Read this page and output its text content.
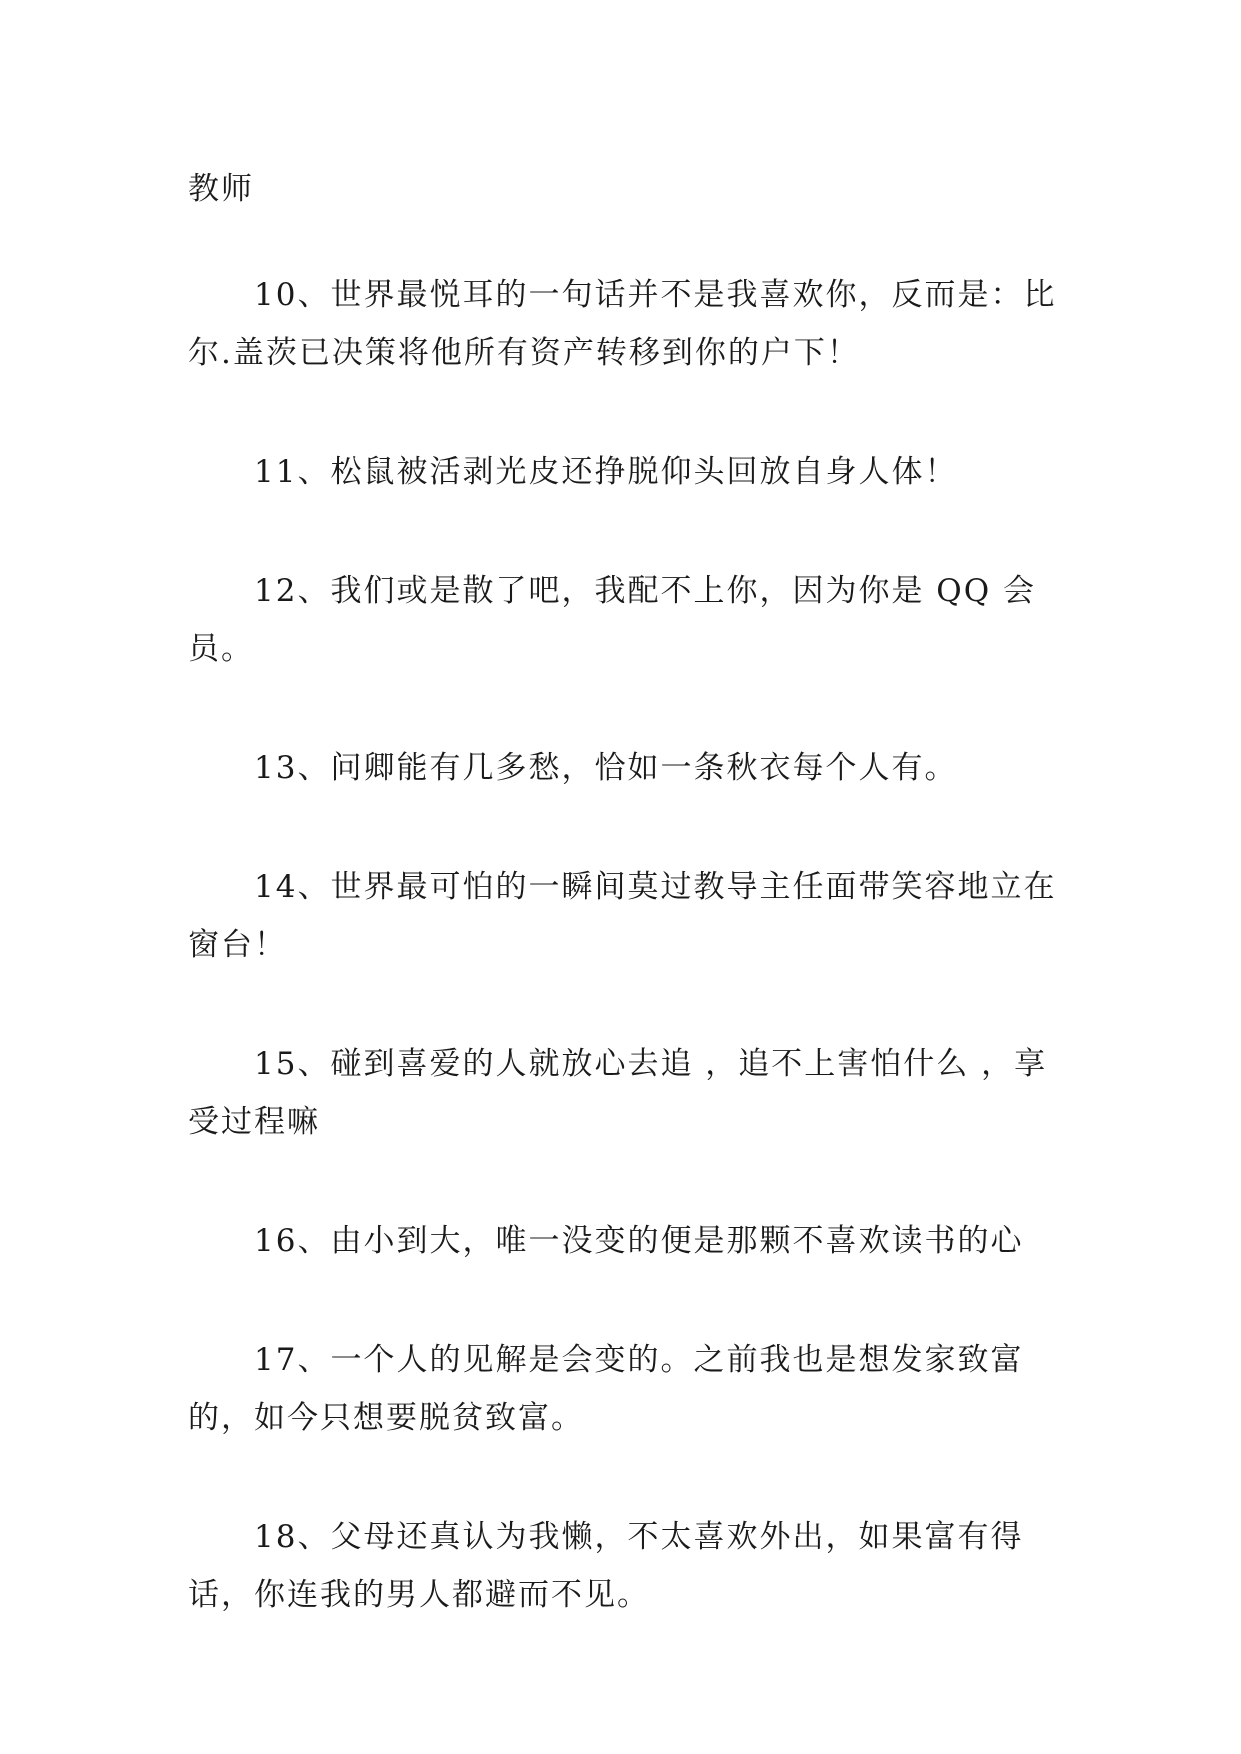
教师

10、世界最悦耳的一句话并不是我喜欢你，反而是：比尔.盖茨已决策将他所有资产转移到你的户下！

11、松鼠被活剥光皮还挣脱仰头回放自身人体！

12、我们或是散了吧，我配不上你，因为你是 QQ 会员。

13、问卿能有几多愁，恰如一条秋衣每个人有。

14、世界最可怕的一瞬间莫过教导主任面带笑容地立在窗台！

15、碰到喜爱的人就放心去追 ，追不上害怕什么 ，享受过程嘛

16、由小到大，唯一没变的便是那颗不喜欢读书的心

17、一个人的见解是会变的。之前我也是想发家致富的，如今只想要脱贫致富。

18、父母还真认为我懒，不太喜欢外出，如果富有得话，你连我的男人都避而不见。
